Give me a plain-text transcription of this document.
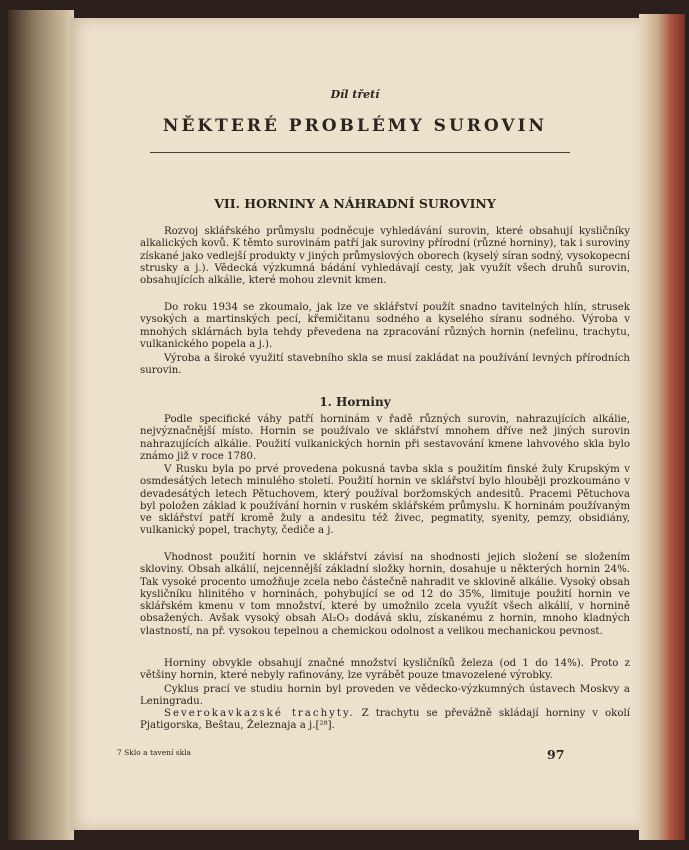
Díl třetí
NĚKTERÉ PROBLÉMY SUROVIN
VII. HORNINY A NÁHRADNÍ SUROVINY

Rozvoj sklářského průmyslu podněcuje vyhledávání surovin, které obsahují kysličníky alkalických kovů. K těmto surovinám patří jak suroviny přírodní (různé horniny), tak i suroviny získané jako vedlejší produkty v jiných průmyslových oborech (kyselý síran sodný, vysokopecní strusky a j.). Vědecká výzkumná bádání vyhledávají cesty, jak využít všech druhů surovin, obsahujících alkálie, které mohou zlevnit kmen.

Do roku 1934 se zkoumalo, jak lze ve sklářství použít snadno tavitelných hlín, strusek vysokých a martinských pecí, křemičitanu sodného a kyselého síranu sodného. Výroba v mnohých sklárnách byla tehdy převedena na zpracování různých hornin (nefelinu, trachytu, vulkanického popela a j.).

Výroba a široké využití stavebního skla se musí zakládat na používání levných přírodních surovin.

1. Horniny

Podle specifické váhy patří horninám v řadě různých surovin, nahrazujících alkálie, nejvýznačnější místo. Hornin se používalo ve sklářství mnohem dříve než jiných surovin nahrazujících alkálie. Použití vulkanických hornin při sestavování kmene lahvového skla bylo známo již v roce 1780.

V Rusku byla po prvé provedena pokusná tavba skla s použitím finské žuly Krupským v osmdesátých letech minulého století. Použití hornin ve sklářství bylo hlouběji prozkoumáno v devadesátých letech Pětuchovem, který používal boržomských andesitů. Pracemi Pětuchova byl položen základ k používání hornin v ruském sklářském průmyslu. K horninám používaným ve sklářství patří kromě žuly a andesitu též živec, pegmatity, syenity, pemzy, obsidiány, vulkanický popel, trachyty, čediče a j.

Vhodnost použití hornin ve sklářství závisí na shodnosti jejich složení se složením skloviny. Obsah alkálií, nejcennější základní složky hornin, dosahuje u některých hornin 24%. Tak vysoké procento umožňuje zcela nebo částečně nahradit ve sklovině alkálie. Vysoký obsah kysličníku hlinitého v horninách, pohybující se od 12 do 35%, limituje použití hornin ve sklářském kmenu v tom množství, které by umožnilo zcela využít všech alkálií, v hornině obsažených. Avšak vysoký obsah Al₂O₃ dodává sklu, získanému z hornin, mnoho kladných vlastností, na př. vysokou tepelnou a chemickou odolnost a velikou mechanickou pevnost.

Horniny obvykle obsahují značné množství kysličníků železa (od 1 do 14%). Proto z většiny hornin, které nebyly rafinovány, lze vyrábět pouze tmavozelené výrobky.

Cyklus prací ve studiu hornin byl proveden ve vědecko-výzkumných ústavech Moskvy a Leningradu.

Severokavkazské trachyty. Z trachytu se převážně skládají horniny v okolí Pjatigorska, Beštau, Železnaja a j.[²⁸].

7 Sklo a tavení skla	97
